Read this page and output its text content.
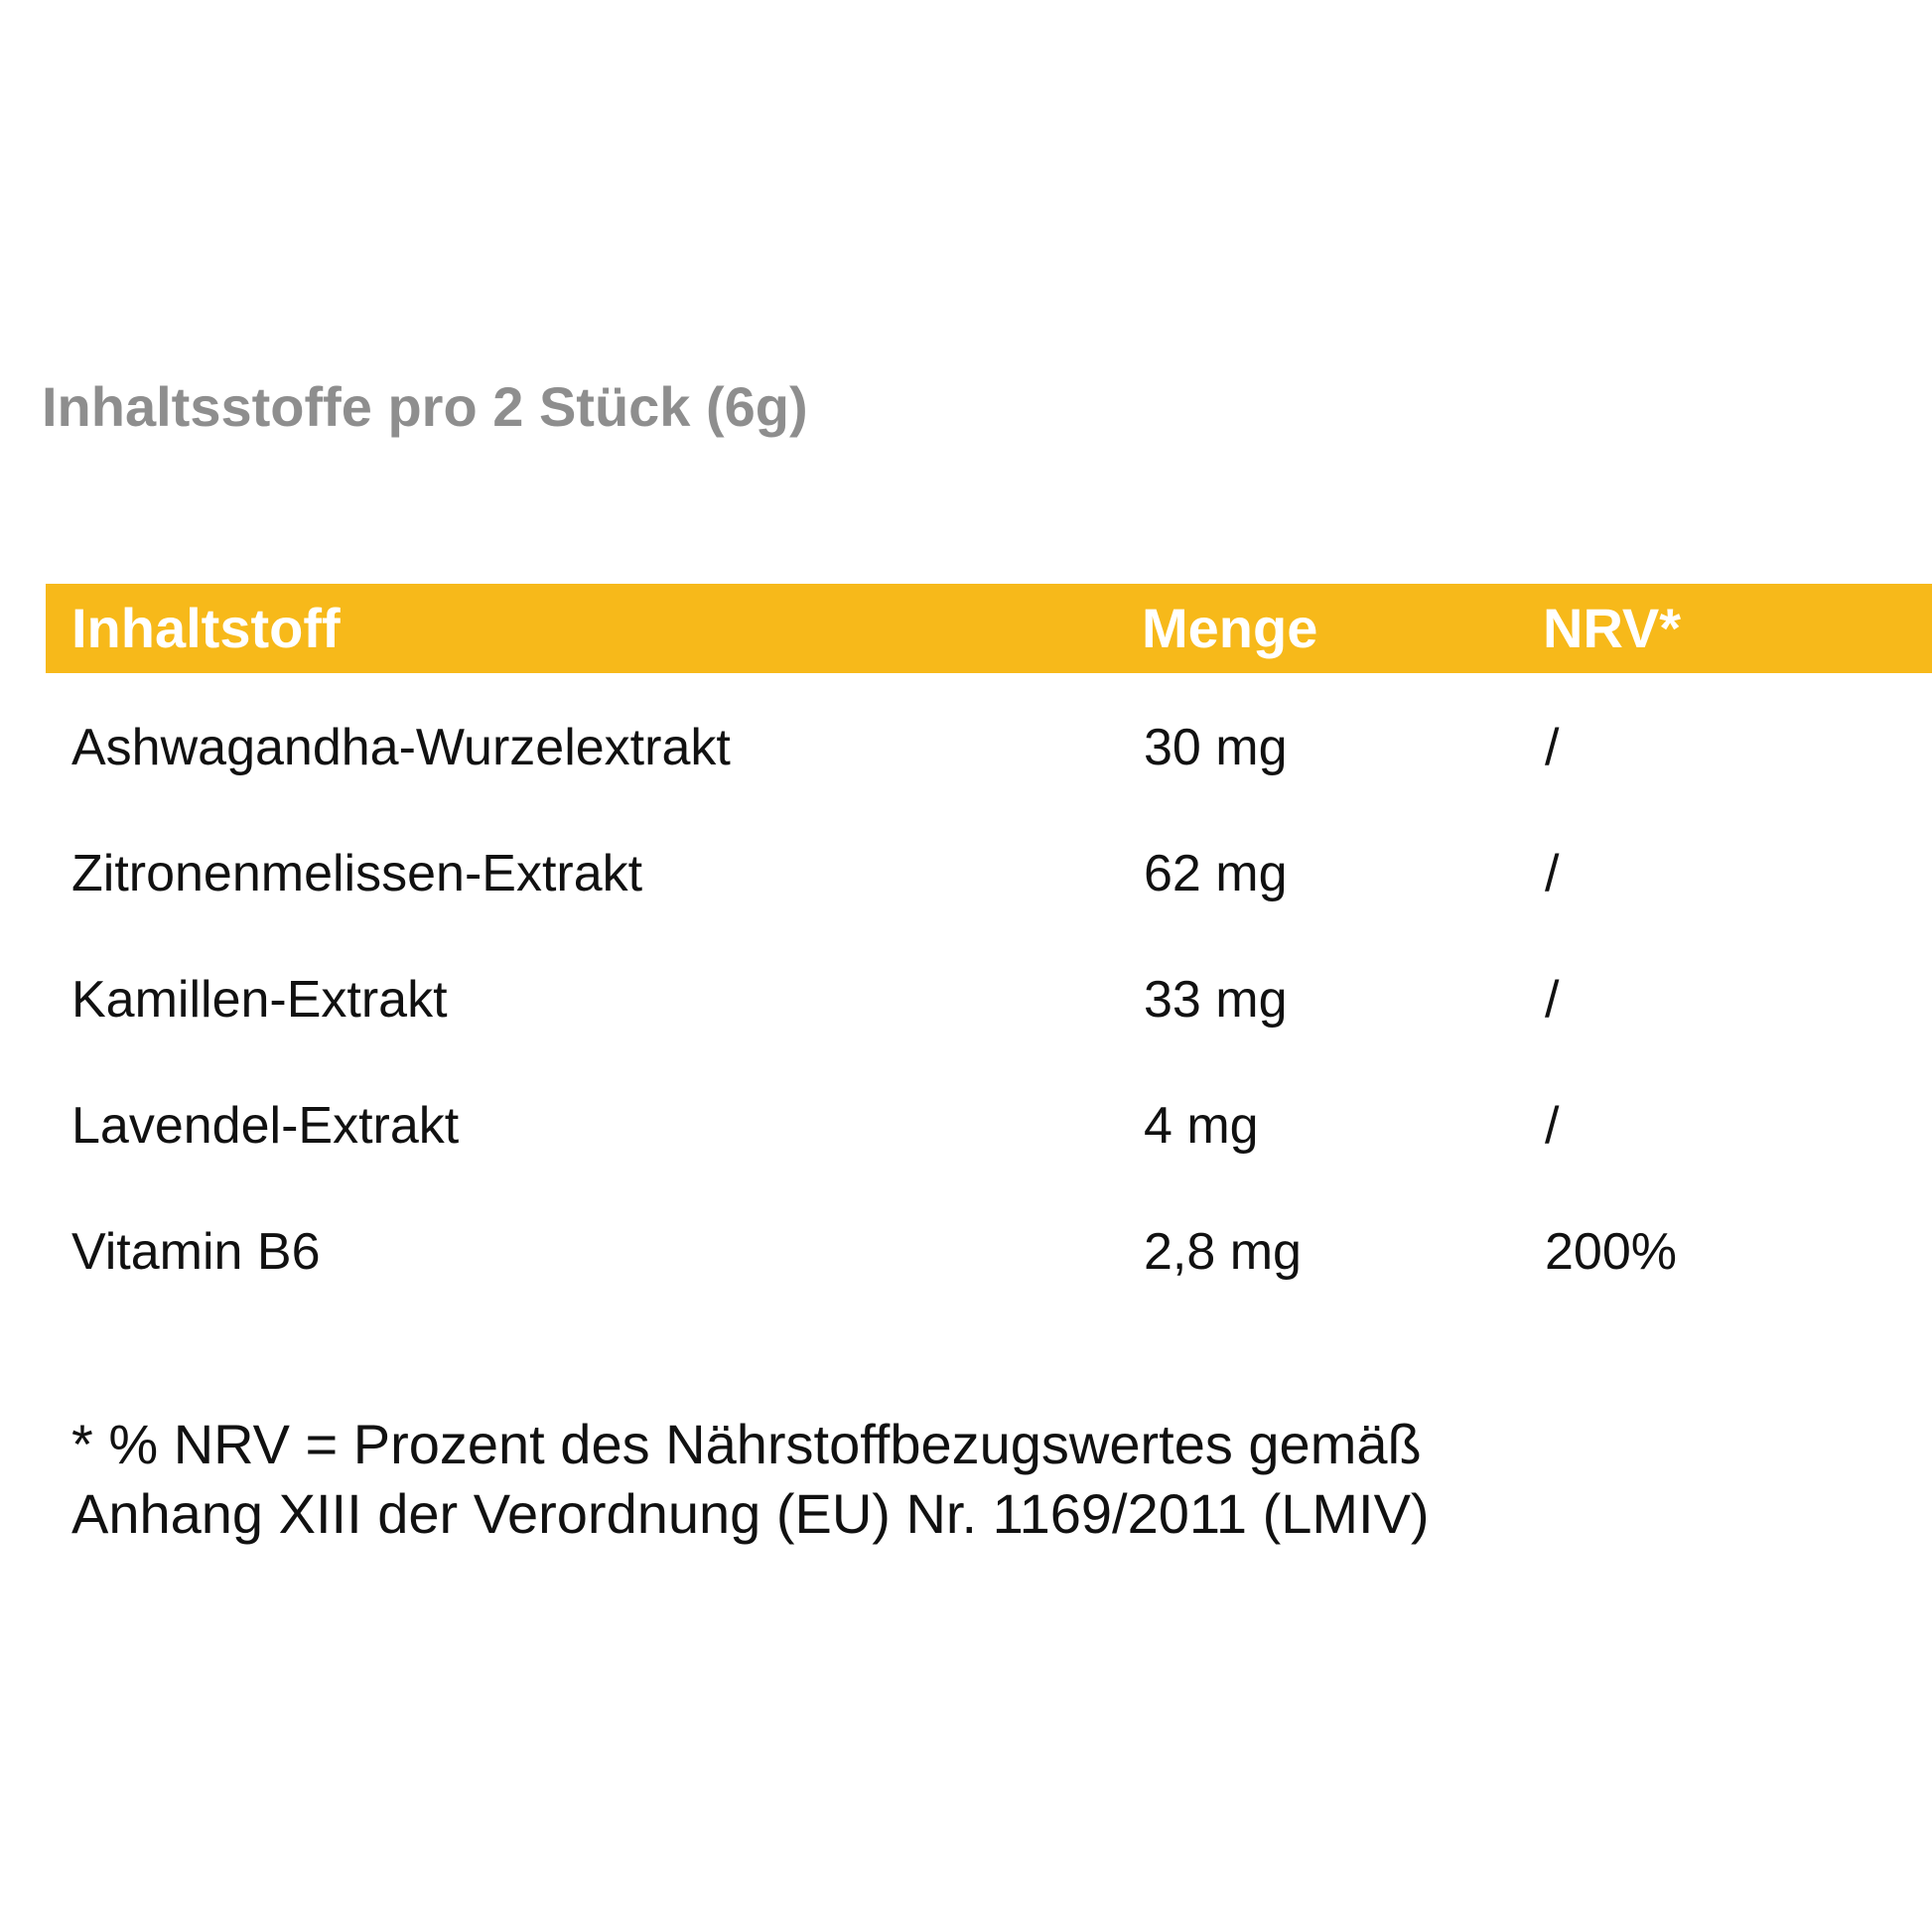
Inhaltsstoffe pro 2 Stück (6g)
Inhaltstoff	Menge	NRV*
Ashwagandha-Wurzelextrakt	30 mg	/
Zitronenmelissen-Extrakt	62 mg	/
Kamillen-Extrakt	33 mg	/
Lavendel-Extrakt	4 mg	/
Vitamin B6	2,8 mg	200%
* % NRV = Prozent des Nährstoffbezugswertes gemäß
Anhang XIII der Verordnung (EU) Nr. 1169/2011 (LMIV)
